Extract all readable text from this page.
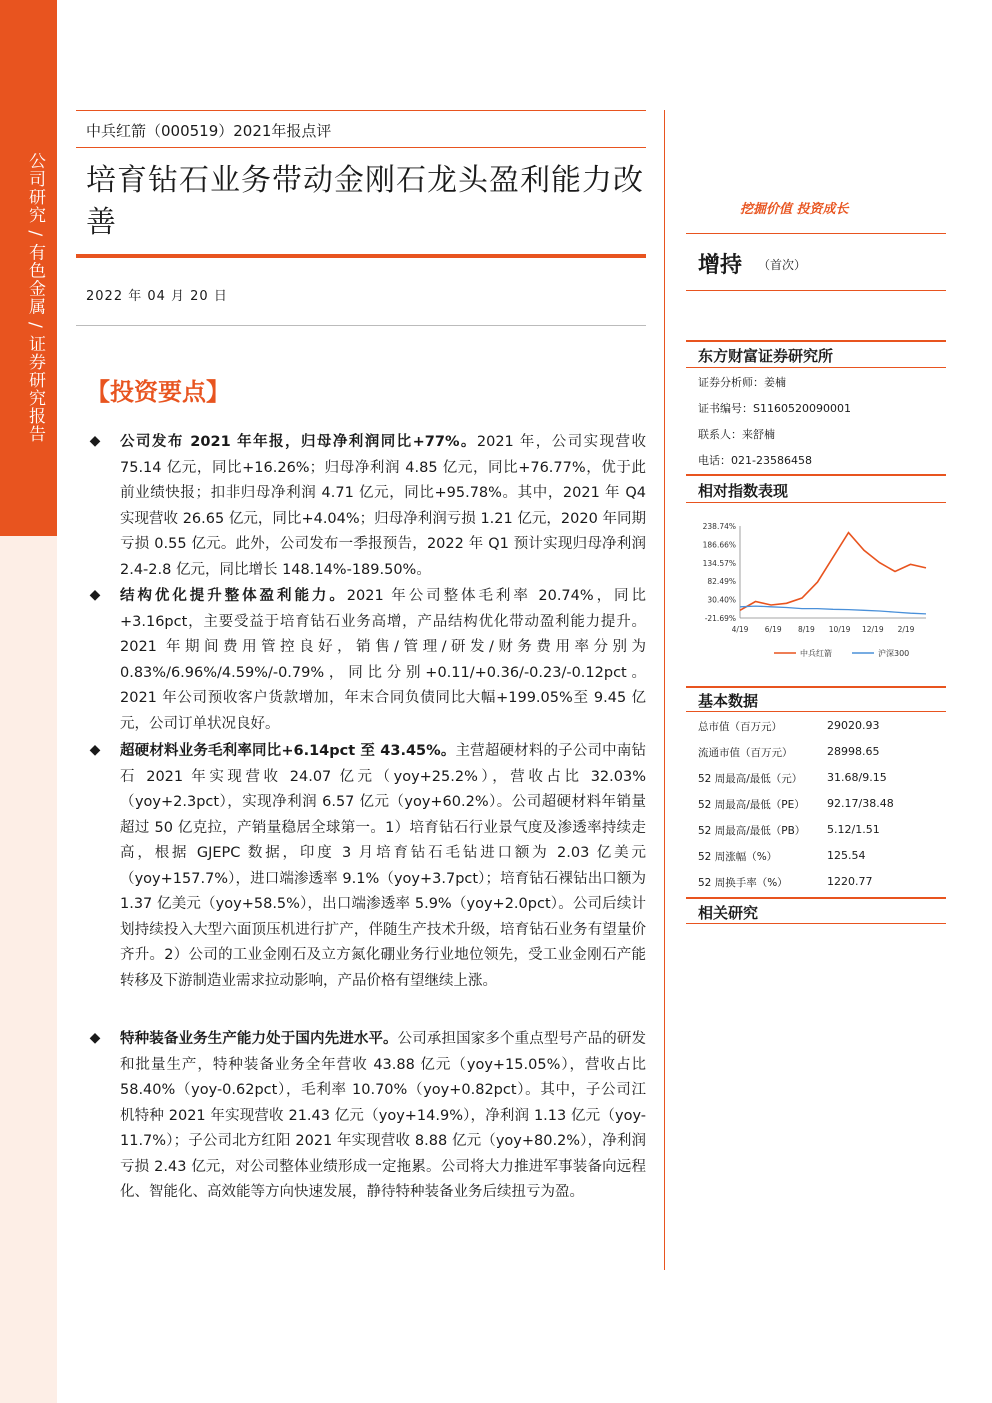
公司研究 / 有色金属 / 证券研究报告
中兵红箭（000519）2021年报点评
培育钻石业务带动金刚石龙头盈利能力改善
2022 年 04 月 20 日
【投资要点】
◆ 公司发布 2021 年年报，归母净利润同比+77%。2021 年，公司实现营收 75.14 亿元，同比+16.26%；归母净利润 4.85 亿元，同比+76.77%，优于此前业绩快报；扣非归母净利润 4.71 亿元，同比+95.78%。其中，2021 年 Q4 实现营收 26.65 亿元，同比+4.04%；归母净利润亏损 1.21 亿元，2020 年同期亏损 0.55 亿元。此外，公司发布一季报预告，2022 年 Q1 预计实现归母净利润 2.4-2.8 亿元，同比增长 148.14%-189.50%。
◆ 结构优化提升整体盈利能力。2021 年公司整体毛利率 20.74%，同比+3.16pct，主要受益于培育钻石业务高增，产品结构优化带动盈利能力提升。2021 年期间费用管控良好，销售/管理/研发/财务费用率分别为 0.83%/6.96%/4.59%/-0.79%，同比分别+0.11/+0.36/-0.23/-0.12pct。2021 年公司预收客户货款增加，年末合同负债同比大幅+199.05%至 9.45 亿元，公司订单状况良好。
◆ 超硬材料业务毛利率同比+6.14pct 至 43.45%。主营超硬材料的子公司中南钻石 2021 年实现营收 24.07 亿元（yoy+25.2%），营收占比 32.03%（yoy+2.3pct），实现净利润 6.57 亿元（yoy+60.2%）。公司超硬材料年销量超过 50 亿克拉，产销量稳居全球第一。1）培育钻石行业景气度及渗透率持续走高，根据 GJEPC 数据，印度 3 月培育钻石毛钻进口额为 2.03 亿美元（yoy+157.7%），进口端渗透率 9.1%（yoy+3.7pct）；培育钻石裸钻出口额为 1.37 亿美元（yoy+58.5%），出口端渗透率 5.9%（yoy+2.0pct）。公司后续计划持续投入大型六面顶压机进行扩产，伴随生产技术升级，培育钻石业务有望量价齐升。2）公司的工业金刚石及立方氮化硼业务行业地位领先，受工业金刚石产能转移及下游制造业需求拉动影响，产品价格有望继续上涨。
◆ 特种装备业务生产能力处于国内先进水平。公司承担国家多个重点型号产品的研发和批量生产，特种装备业务全年营收 43.88 亿元（yoy+15.05%），营收占比 58.40%（yoy-0.62pct），毛利率 10.70%（yoy+0.82pct）。其中，子公司江机特种 2021 年实现营收 21.43 亿元（yoy+14.9%），净利润 1.13 亿元（yoy-11.7%）；子公司北方红阳 2021 年实现营收 8.88 亿元（yoy+80.2%），净利润亏损 2.43 亿元，对公司整体业绩形成一定拖累。公司将大力推进军事装备向远程化、智能化、高效能等方向快速发展，静待特种装备业务后续扭亏为盈。
挖掘价值 投资成长
增持 （首次）
东方财富证券研究所
证券分析师：姜楠
证书编号：S1160520090001
联系人：来舒楠
电话：021-23586458
相对指数表现
238.74%
186.66%
134.57%
82.49%
30.40%
-21.69%
4/19 6/19 8/19 10/19 12/19 2/19
中兵红箭	沪深300
基本数据
总市值（百万元）	29020.93
流通市值（百万元）	28998.65
52 周最高/最低（元） 31.68/9.15
52 周最高/最低（PE） 92.17/38.48
52 周最高/最低（PB） 5.12/1.51
52 周涨幅（%）	125.54
52 周换手率（%）	1220.77
相关研究
